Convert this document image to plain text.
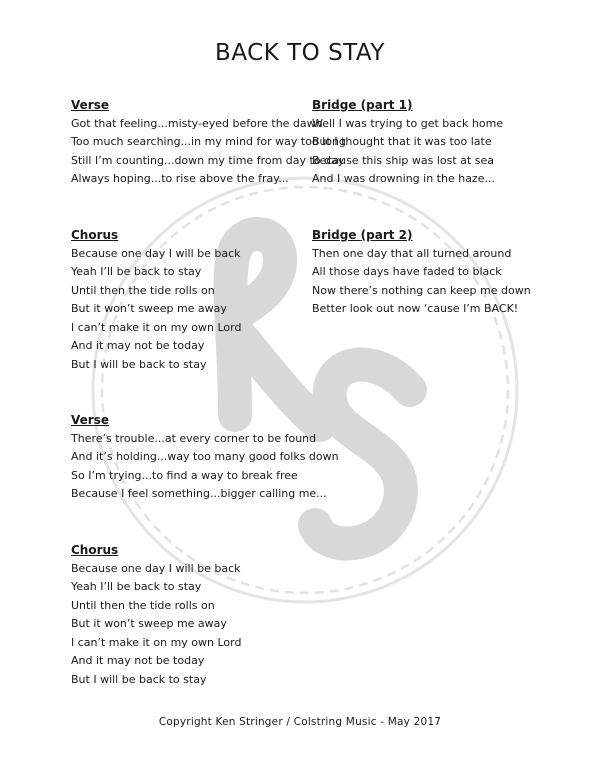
BACK TO STAY
Verse
Got that feeling...misty-eyed before the dawn
Too much searching...in my mind for way too long
Still I’m counting...down my time from day to day
Always hoping...to rise above the fray...
Chorus
Because one day I will be back
Yeah I’ll be back to stay
Until then the tide rolls on
But it won’t sweep me away
I can’t make it on my own Lord
And it may not be today
But I will be back to stay
Verse
There’s trouble...at every corner to be found
And it’s holding...way too many good folks down
So I’m trying...to find a way to break free
Because I feel something...bigger calling me...
Chorus
Because one day I will be back
Yeah I’ll be back to stay
Until then the tide rolls on
But it won’t sweep me away
I can’t make it on my own Lord
And it may not be today
But I will be back to stay
Bridge (part 1)
Well I was trying to get back home
But I thought that it was too late
Because this ship was lost at sea
And I was drowning in the haze...
Bridge (part 2)
Then one day that all turned around
All those days have faded to black
Now there’s nothing can keep me down
Better look out now ‘cause I’m BACK!
Copyright Ken Stringer / Colstring Music - May 2017
